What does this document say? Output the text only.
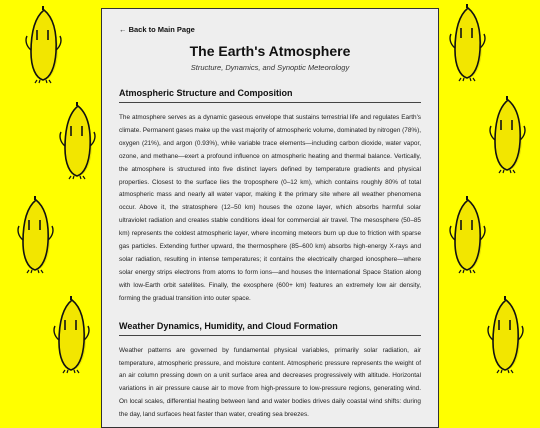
← Back to Main Page
The Earth's Atmosphere
Structure, Dynamics, and Synoptic Meteorology
Atmospheric Structure and Composition

The atmosphere serves as a dynamic gaseous envelope that sustains terrestrial life and regulates Earth's climate. Permanent gases make up the vast majority of atmospheric volume, dominated by nitrogen (78%), oxygen (21%), and argon (0.93%), while variable trace elements—including carbon dioxide, water vapor, ozone, and methane—exert a profound influence on atmospheric heating and thermal balance. Vertically, the atmosphere is structured into five distinct layers defined by temperature gradients and physical properties. Closest to the surface lies the troposphere (0–12 km), which contains roughly 80% of total atmospheric mass and nearly all water vapor, making it the primary site where all weather phenomena occur. Above it, the stratosphere (12–50 km) houses the ozone layer, which absorbs harmful solar ultraviolet radiation and creates stable conditions ideal for commercial air travel. The mesosphere (50–85 km) represents the coldest atmospheric layer, where incoming meteors burn up due to friction with sparse gas particles. Extending further upward, the thermosphere (85–600 km) absorbs high-energy X-rays and solar radiation, resulting in intense temperatures; it contains the electrically charged ionosphere—where solar energy strips electrons from atoms to form ions—and houses the International Space Station along with low-Earth orbit satellites. Finally, the exosphere (600+ km) features an extremely low air density, forming the gradual transition into outer space.

Weather Dynamics, Humidity, and Cloud Formation

Weather patterns are governed by fundamental physical variables, primarily solar radiation, air temperature, atmospheric pressure, and moisture content. Atmospheric pressure represents the weight of an air column pressing down on a unit surface area and decreases progressively with altitude. Horizontal variations in air pressure cause air to move from high-pressure to low-pressure regions, generating wind. On local scales, differential heating between land and water bodies drives daily coastal wind shifts: during the day, land surfaces heat faster than water, creating sea breezes.
